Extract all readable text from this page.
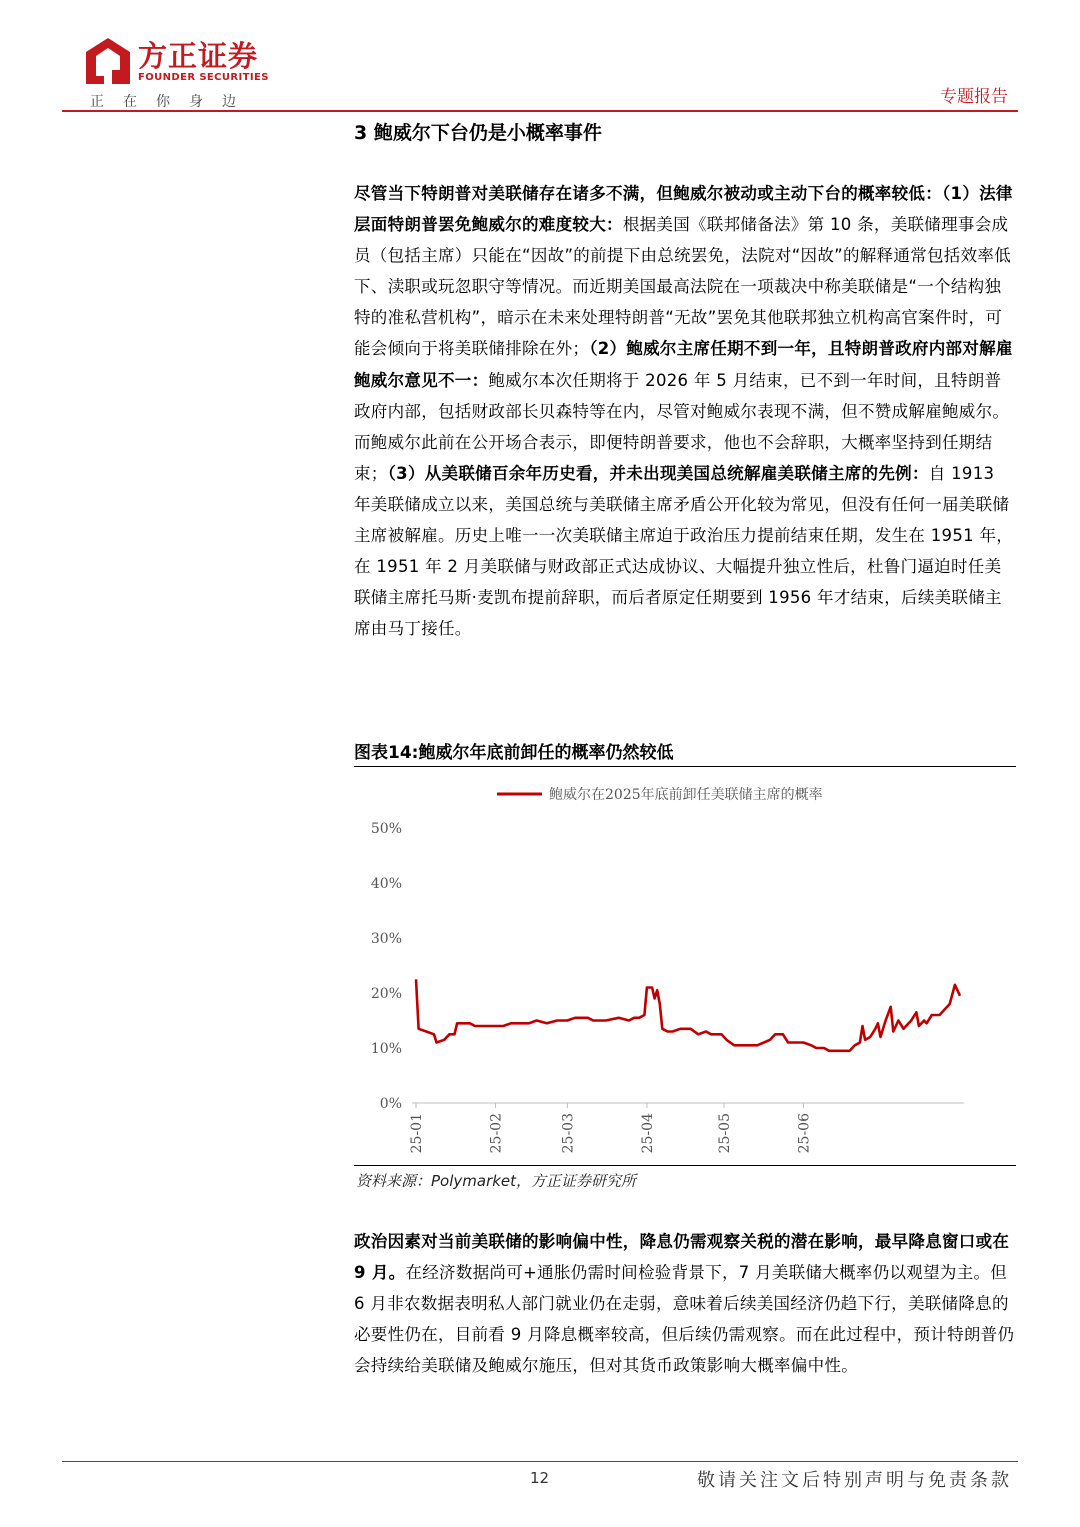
方正证券
FOUNDER SECURITIES
正在你身边	专题报告
3 鲍威尔下台仍是小概率事件
尽管当下特朗普对美联储存在诸多不满，但鲍威尔被动或主动下台的概率较低：（1）法律层面特朗普罢免鲍威尔的难度较大：根据美国《联邦储备法》第 10 条，美联储理事会成员（包括主席）只能在“因故”的前提下由总统罢免，法院对“因故”的解释通常包括效率低下、渎职或玩忽职守等情况。而近期美国最高法院在一项裁决中称美联储是“一个结构独特的准私营机构”，暗示在未来处理特朗普“无故”罢免其他联邦独立机构高官案件时，可能会倾向于将美联储排除在外；（2）鲍威尔主席任期不到一年，且特朗普政府内部对解雇鲍威尔意见不一：鲍威尔本次任期将于 2026 年 5 月结束，已不到一年时间，且特朗普政府内部，包括财政部长贝森特等在内，尽管对鲍威尔表现不满，但不赞成解雇鲍威尔。而鲍威尔此前在公开场合表示，即便特朗普要求，他也不会辞职，大概率坚持到任期结束；（3）从美联储百余年历史看，并未出现美国总统解雇美联储主席的先例：自 1913 年美联储成立以来，美国总统与美联储主席矛盾公开化较为常见，但没有任何一届美联储主席被解雇。历史上唯一一次美联储主席迫于政治压力提前结束任期，发生在 1951 年，在 1951 年 2 月美联储与财政部正式达成协议、大幅提升独立性后，杜鲁门逼迫时任美联储主席托马斯·麦凯布提前辞职，而后者原定任期要到 1956 年才结束，后续美联储主席由马丁接任。
图表14:鲍威尔年底前卸任的概率仍然较低
鲍威尔在2025年底前卸任美联储主席的概率
0%
10%
20%
30%
40%
50%
25-01	25-02	25-03	25-04	25-05	25-06
资料来源：Polymarket，方正证券研究所
政治因素对当前美联储的影响偏中性，降息仍需观察关税的潜在影响，最早降息窗口或在 9 月。在经济数据尚可+通胀仍需时间检验背景下，7 月美联储大概率仍以观望为主。但 6 月非农数据表明私人部门就业仍在走弱，意味着后续美国经济仍趋下行，美联储降息的必要性仍在，目前看 9 月降息概率较高，但后续仍需观察。而在此过程中，预计特朗普仍会持续给美联储及鲍威尔施压，但对其货币政策影响大概率偏中性。
12	敬请关注文后特别声明与免责条款
